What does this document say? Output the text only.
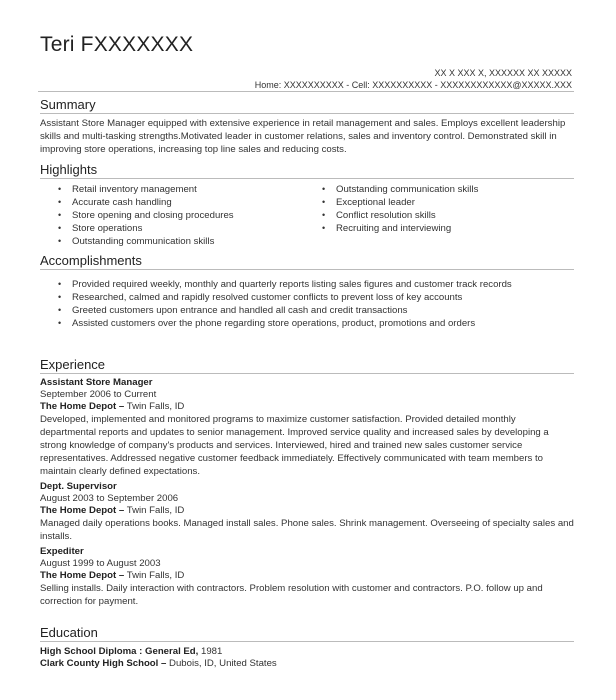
Teri FXXXXXXX
XX X XXX X, XXXXXX XX XXXXX
Home: XXXXXXXXXX - Cell: XXXXXXXXXX - XXXXXXXXXXXX@XXXXX.XXX
Summary
Assistant Store Manager equipped with extensive experience in retail management and sales. Employs excellent leadership skills and multi-tasking strengths.Motivated leader in customer relations, sales and inventory control. Demonstrated skill in improving store operations, increasing top line sales and reducing costs.
Highlights
• Retail inventory management
• Accurate cash handling
• Store opening and closing procedures
• Store operations
• Outstanding communication skills
• Outstanding communication skills
• Exceptional leader
• Conflict resolution skills
• Recruiting and interviewing
Accomplishments
• Provided required weekly, monthly and quarterly reports listing sales figures and customer track records
• Researched, calmed and rapidly resolved customer conflicts to prevent loss of key accounts
• Greeted customers upon entrance and handled all cash and credit transactions
• Assisted customers over the phone regarding store operations, product, promotions and orders
Experience
Assistant Store Manager
September 2006 to Current
The Home Depot – Twin Falls, ID
Developed, implemented and monitored programs to maximize customer satisfaction. Provided detailed monthly departmental reports and updates to senior management. Improved service quality and increased sales by developing a strong knowledge of company's products and services. Interviewed, hired and trained new sales customer service representatives. Addressed negative customer feedback immediately. Effectively communicated with team members to maintain clearly defined expectations.
Dept. Supervisor
August 2003 to September 2006
The Home Depot – Twin Falls, ID
Managed daily operations books. Managed install sales. Phone sales. Shrink management. Overseeing of specialty sales and installs.
Expediter
August 1999 to August 2003
The Home Depot – Twin Falls, ID
Selling installs. Daily interaction with contractors. Problem resolution with customer and contractors. P.O. follow up and correction for payment.
Education
High School Diploma : General Ed, 1981
Clark County High School – Dubois, ID, United States
